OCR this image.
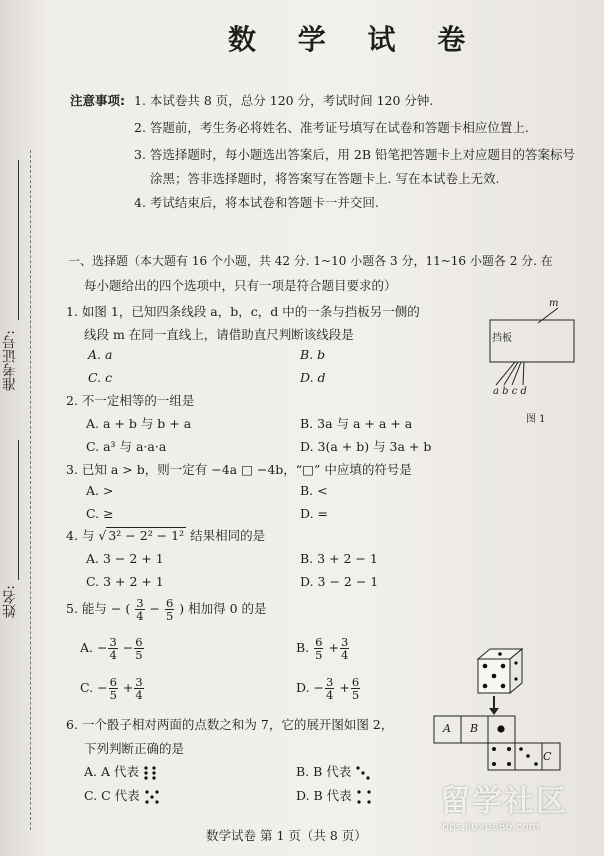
准考证号:
姓名:
数 学 试 卷
注意事项: 1. 本试卷共 8 页，总分 120 分，考试时间 120 分钟.
2. 答题前，考生务必将姓名、准考证号填写在试卷和答题卡相应位置上.
3. 答选择题时，每小题选出答案后，用 2B 铅笔把答题卡上对应题目的答案标号
涂黑；答非选择题时，将答案写在答题卡上. 写在本试卷上无效.
4. 考试结束后，将本试卷和答题卡一并交回.
一、选择题（本大题有 16 个小题，共 42 分. 1~10 小题各 3 分，11~16 小题各 2 分. 在
每小题给出的四个选项中，只有一项是符合题目要求的）
1. 如图 1，已知四条线段 a，b，c，d 中的一条与挡板另一侧的
线段 m 在同一直线上，请借助直尺判断该线段是
A. a	B. b
C. c	D. d
m
挡板
a b c d
图 1
2. 不一定相等的一组是
A. a + b 与 b + a	B. 3a 与 a + a + a
C. a³ 与 a·a·a	D. 3(a + b) 与 3a + b
3. 已知 a > b，则一定有 −4a □ −4b，“□” 中应填的符号是
A. >	B. <
C. ≥	D. =
4. 与 √ 3² − 2² − 1² 结果相同的是
A. 3 − 2 + 1	B. 3 + 2 − 1
C. 3 + 2 + 1	D. 3 − 2 − 1
5. 能与 − ( $\frac{3}{4} - \frac{6}{5}$ ) 相加得 0 的是
A. − $\frac{3}{4} - \frac{6}{5}$	B. $\frac{6}{5} + \frac{3}{4}$
C. − $\frac{6}{5} + \frac{3}{4}$	D. − $\frac{3}{4} + \frac{6}{5}$
6. 一个骰子相对两面的点数之和为 7，它的展开图如图 2，
下列判断正确的是
A. A 代表	B. B 代表
C. C 代表	D. B 代表
A B
C
数学试卷 第 1 页（共 8 页）
留学社区
bbs.liuxue86.com
